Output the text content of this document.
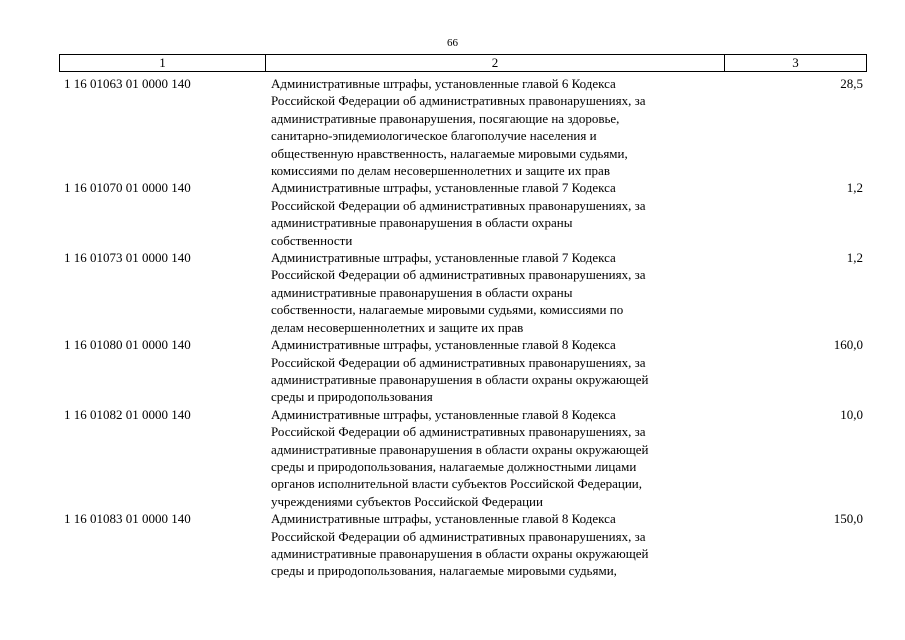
66
1	2	3
1 16 01063 01 0000 140	Административные штрафы, установленные главой 6 Кодекса
Российской Федерации об административных правонарушениях, за
административные правонарушения, посягающие на здоровье,
санитарно-эпидемиологическое благополучие населения и
общественную нравственность, налагаемые мировыми судьями,
комиссиями по делам несовершеннолетних и защите их прав
28,5
1 16 01070 01 0000 140	Административные штрафы, установленные главой 7 Кодекса
Российской Федерации об административных правонарушениях, за
административные правонарушения в области охраны
собственности
1,2
1 16 01073 01 0000 140	Административные штрафы, установленные главой 7 Кодекса
Российской Федерации об административных правонарушениях, за
административные правонарушения в области охраны
собственности, налагаемые мировыми судьями, комиссиями по
делам несовершеннолетних и защите их прав
1,2
1 16 01080 01 0000 140	Административные штрафы, установленные главой 8 Кодекса
Российской Федерации об административных правонарушениях, за
административные правонарушения в области охраны окружающей
среды и природопользования
160,0
1 16 01082 01 0000 140	Административные штрафы, установленные главой 8 Кодекса
Российской Федерации об административных правонарушениях, за
административные правонарушения в области охраны окружающей
среды и природопользования, налагаемые должностными лицами
органов исполнительной власти субъектов Российской Федерации,
учреждениями субъектов Российской Федерации
10,0
1 16 01083 01 0000 140	Административные штрафы, установленные главой 8 Кодекса
Российской Федерации об административных правонарушениях, за
административные правонарушения в области охраны окружающей
среды и природопользования, налагаемые мировыми судьями,
150,0
